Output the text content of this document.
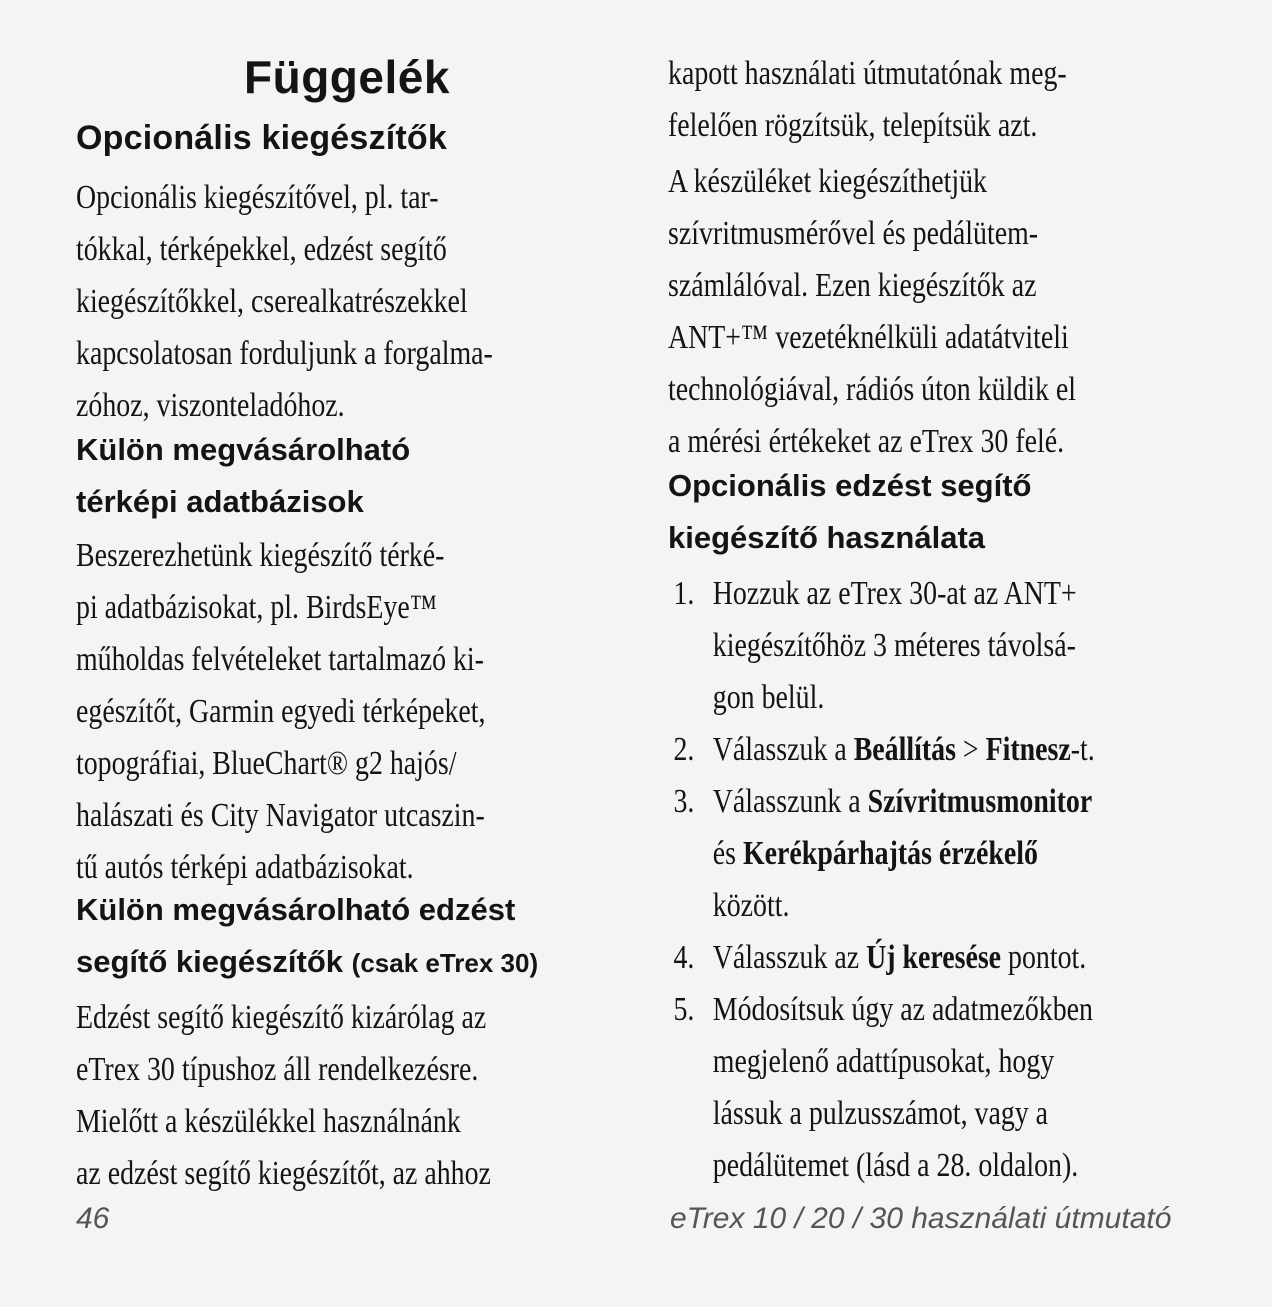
Függelék
Opcionális kiegészítők

Opcionális kiegészítővel, pl. tar-
tókkal, térképekkel, edzést segítő
kiegészítőkkel, cserealkatrészekkel
kapcsolatosan forduljunk a forgalma-
zóhoz, viszonteladóhoz.

Külön megvásárolható
térképi adatbázisok

Beszerezhetünk kiegészítő térké-
pi adatbázisokat, pl. BirdsEye™
műholdas felvételeket tartalmazó ki-
egészítőt, Garmin egyedi térképeket,
topográfiai, BlueChart® g2 hajós/
halászati és City Navigator utcaszin-
tű autós térképi adatbázisokat.

Külön megvásárolható edzést
segítő kiegészítők (csak eTrex 30)

Edzést segítő kiegészítő kizárólag az
eTrex 30 típushoz áll rendelkezésre.
Mielőtt a készülékkel használnánk
az edzést segítő kiegészítőt, az ahhoz

kapott használati útmutatónak meg-
felelően rögzítsük, telepítsük azt.

A készüléket kiegészíthetjük
szívritmusmérővel és pedálütem-
számlálóval. Ezen kiegészítők az
ANT+™ vezetéknélküli adatátviteli
technológiával, rádiós úton küldik el
a mérési értékeket az eTrex 30 felé.

Opcionális edzést segítő
kiegészítő használata
1. Hozzuk az eTrex 30-at az ANT+
kiegészítőhöz 3 méteres távolsá-
gon belül.
2. Válasszuk a Beállítás > Fitnesz-t.
3. Válasszunk a Szívritmusmonitor
és Kerékpárhajtás érzékelő
között.
4. Válasszuk az Új keresése pontot.
5. Módosítsuk úgy az adatmezőkben
megjelenő adattípusokat, hogy
lássuk a pulzusszámot, vagy a
pedálütemet (lásd a 28. oldalon).
46	eTrex 10 / 20 / 30 használati útmutató
